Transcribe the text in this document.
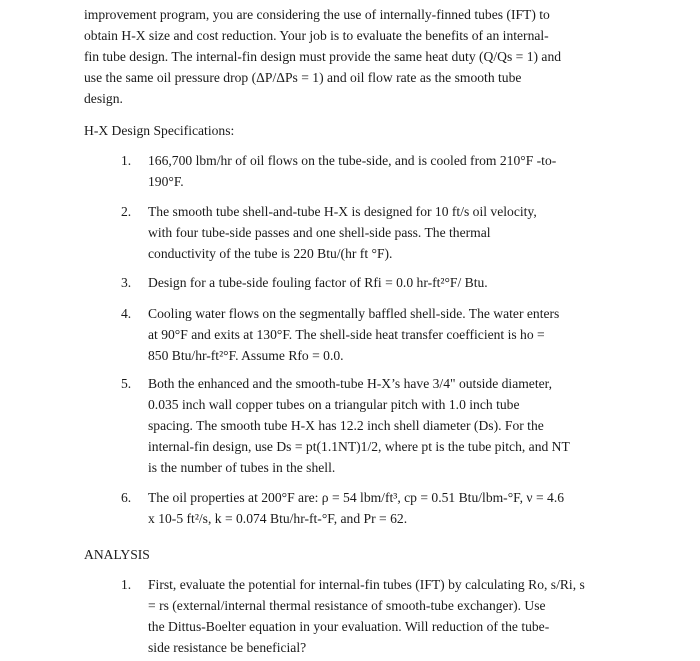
improvement program, you are considering the use of internally-finned tubes (IFT) to
obtain H-X size and cost reduction. Your job is to evaluate the benefits of an internal-
fin tube design. The internal-fin design must provide the same heat duty (Q/Qs = 1) and
use the same oil pressure drop (ΔP/ΔPs = 1) and oil flow rate as the smooth tube
design.
H-X Design Specifications:
1.	166,700 lbm/hr of oil flows on the tube-side, and is cooled from 210°F -to-
190°F.
2.	The smooth tube shell-and-tube H-X is designed for 10 ft/s oil velocity,
with four tube-side passes and one shell-side pass. The thermal
conductivity of the tube is 220 Btu/(hr ft °F).
3.	Design for a tube-side fouling factor of Rfi = 0.0 hr-ft²°F/ Btu.
4.	Cooling water flows on the segmentally baffled shell-side. The water enters
at 90°F and exits at 130°F. The shell-side heat transfer coefficient is ho =
850 Btu/hr-ft²°F. Assume Rfo = 0.0.
5.	Both the enhanced and the smooth-tube H-X’s have 3/4" outside diameter,
0.035 inch wall copper tubes on a triangular pitch with 1.0 inch tube
spacing. The smooth tube H-X has 12.2 inch shell diameter (Ds). For the
internal-fin design, use Ds = pt(1.1NT)1/2, where pt is the tube pitch, and NT
is the number of tubes in the shell.
6.	The oil properties at 200°F are: ρ = 54 lbm/ft³, cp = 0.51 Btu/lbm-°F, ν = 4.6
x 10-5 ft²/s, k = 0.074 Btu/hr-ft-°F, and Pr = 62.
ANALYSIS
1.	First, evaluate the potential for internal-fin tubes (IFT) by calculating Ro, s/Ri, s
= rs (external/internal thermal resistance of smooth-tube exchanger). Use
the Dittus-Boelter equation in your evaluation. Will reduction of the tube-
side resistance be beneficial?
